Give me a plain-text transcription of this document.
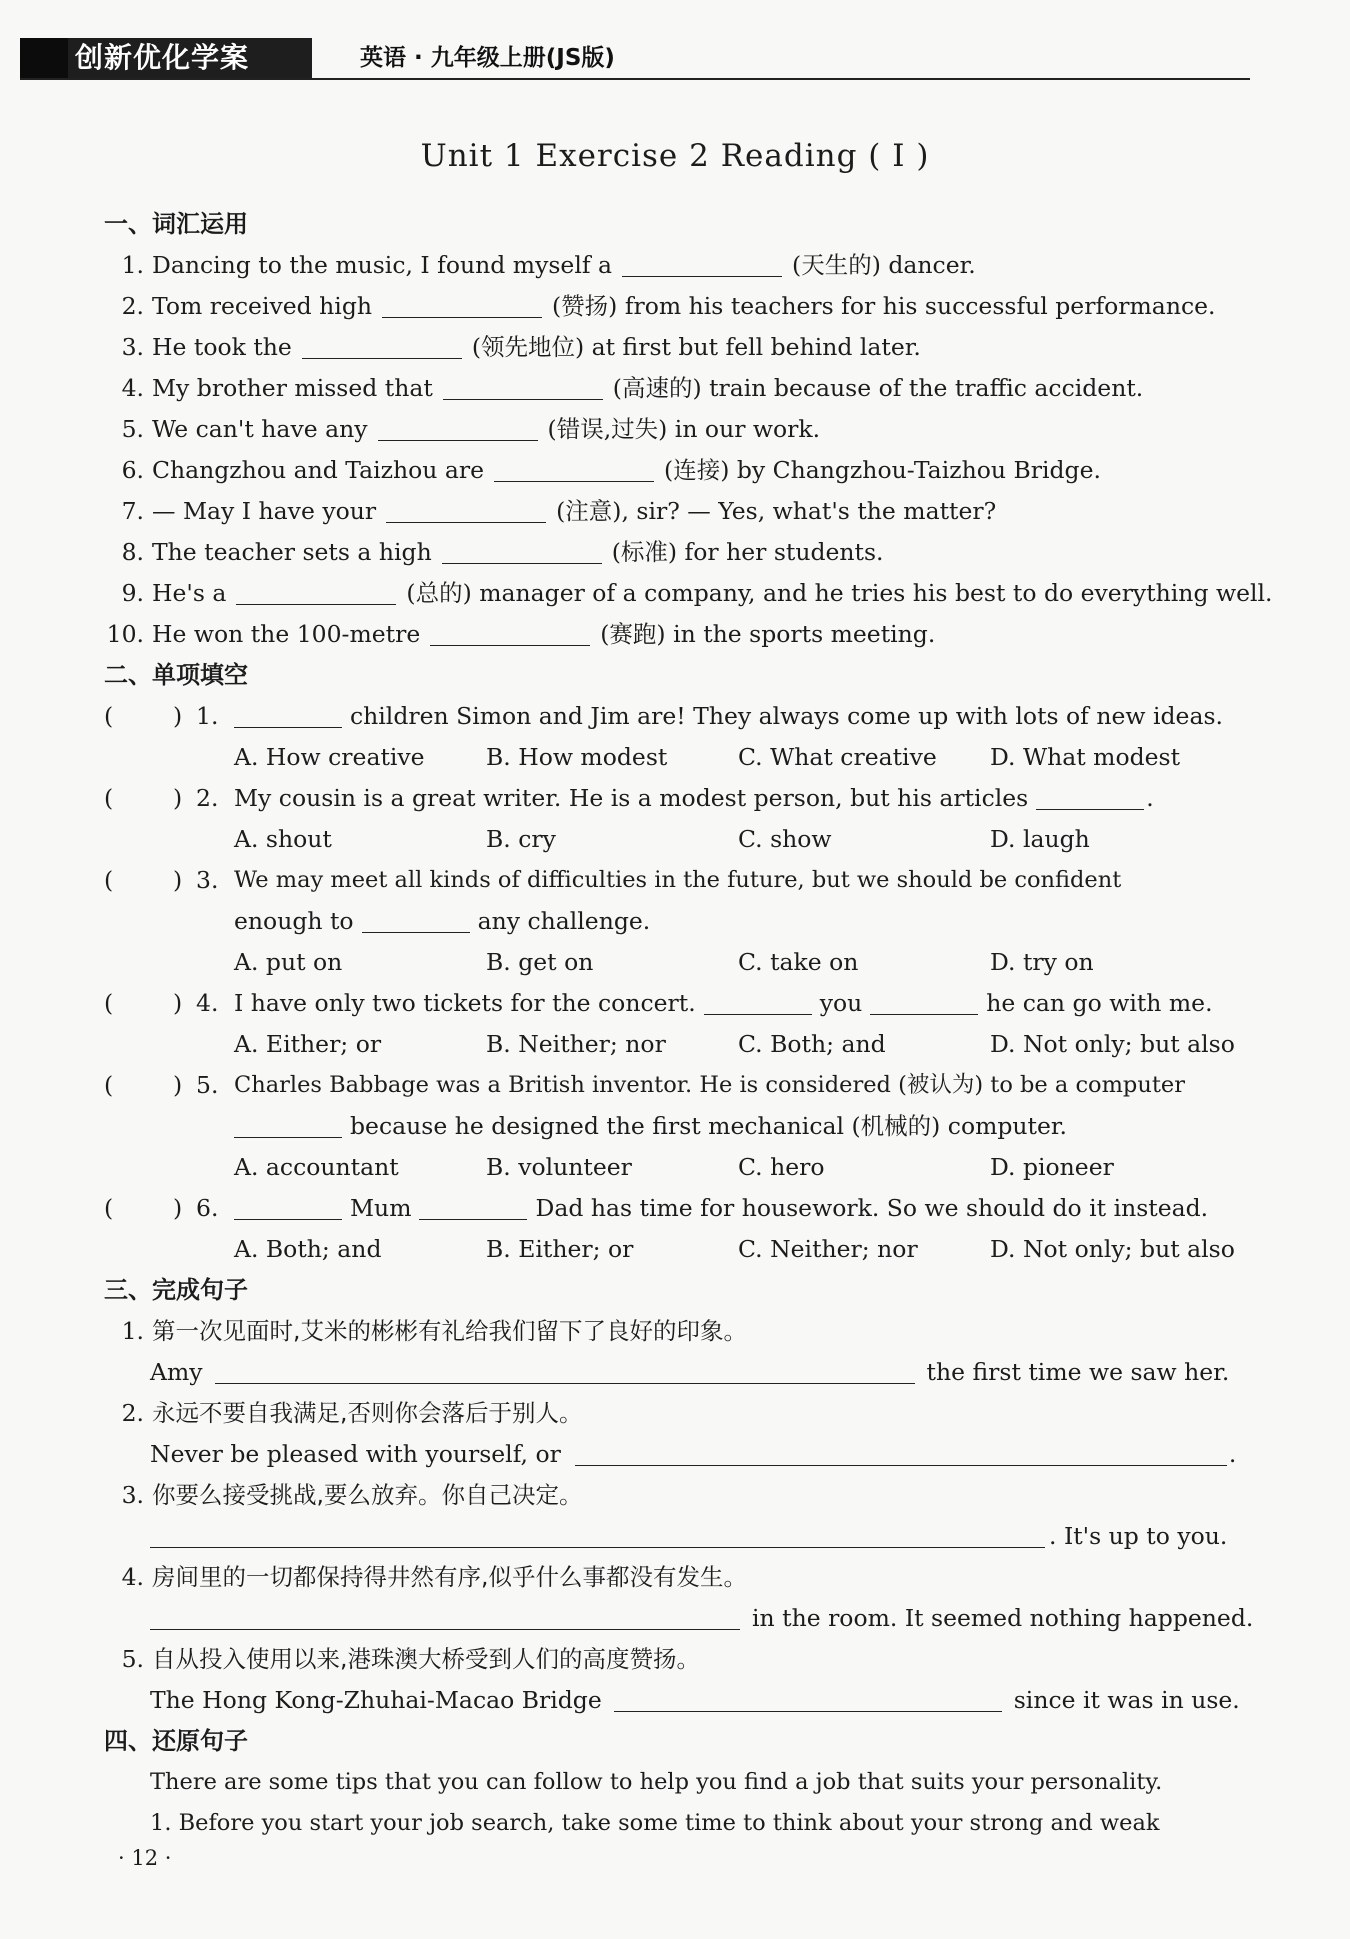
创新优化学案	英语 · 九年级上册(JS版)
Unit 1 Exercise 2 Reading ( Ⅰ )
一、词汇运用
1. Dancing to the music, I found myself a	(天生的) dancer.
2. Tom received high	(赞扬) from his teachers for his successful performance.
3. He took the	(领先地位) at first but fell behind later.
4. My brother missed that	(高速的) train because of the traffic accident.
5. We can't have any	(错误,过失) in our work.
6. Changzhou and Taizhou are	(连接) by Changzhou-Taizhou Bridge.
7. — May I have your	(注意), sir? — Yes, what's the matter?
8. The teacher sets a high	(标准) for her students.
9. He's a	(总的) manager of a company, and he tries his best to do everything well.
10. He won the 100-metre	(赛跑) in the sports meeting.
二、单项填空
(	) 1.	children Simon and Jim are! They always come up with lots of new ideas.
A. How creative	B. How modest	C. What creative D. What modest
(	) 2. My cousin is a great writer. He is a modest person, but his articles	.
A. shout	B. cry	C. show	D. laugh
(	) 3. We may meet all kinds of difficulties in the future, but we should be confident
enough to	any challenge.
A. put on	B. get on	C. take on	D. try on
(	) 4. I have only two tickets for the concert.	you	he can go with me.
A. Either; or	B. Neither; nor	C. Both; and	D. Not only; but also
(	) 5. Charles Babbage was a British inventor. He is considered (被认为) to be a computer
because he designed the first mechanical (机械的) computer.
A. accountant	B. volunteer	C. hero	D. pioneer
(	) 6.	Mum	Dad has time for housework. So we should do it instead.
A. Both; and	B. Either; or	C. Neither; nor	D. Not only; but also
三、完成句子
1. 第一次见面时,艾米的彬彬有礼给我们留下了良好的印象。
Amy	the first time we saw her.
2. 永远不要自我满足,否则你会落后于别人。
Never be pleased with yourself, or	.
3. 你要么接受挑战,要么放弃。你自己决定。
. It's up to you.
4. 房间里的一切都保持得井然有序,似乎什么事都没有发生。
in the room. It seemed nothing happened.
5. 自从投入使用以来,港珠澳大桥受到人们的高度赞扬。
The Hong Kong-Zhuhai-Macao Bridge	since it was in use.
四、还原句子
There are some tips that you can follow to help you find a job that suits your personality.
1. Before you start your job search, take some time to think about your strong and weak
· 12 ·
